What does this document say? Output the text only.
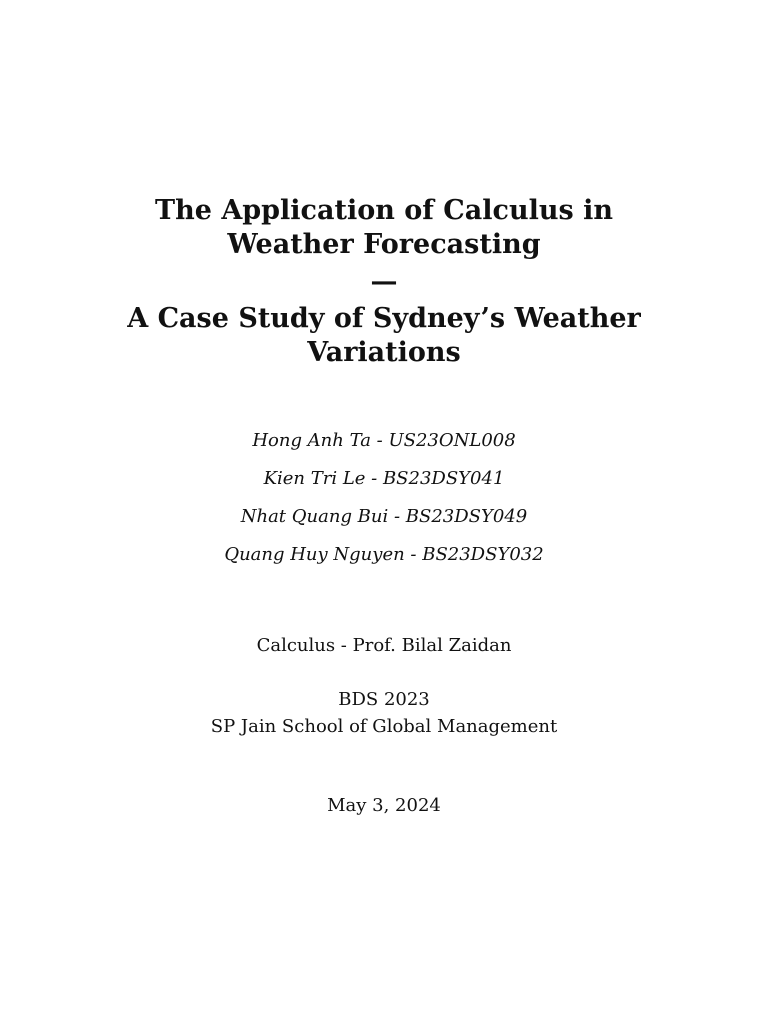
The Application of Calculus in
Weather Forecasting
—
A Case Study of Sydney’s Weather
Variations
Hong Anh Ta - US23ONL008
Kien Tri Le - BS23DSY041
Nhat Quang Bui - BS23DSY049
Quang Huy Nguyen - BS23DSY032
Calculus - Prof. Bilal Zaidan
BDS 2023
SP Jain School of Global Management
May 3, 2024
